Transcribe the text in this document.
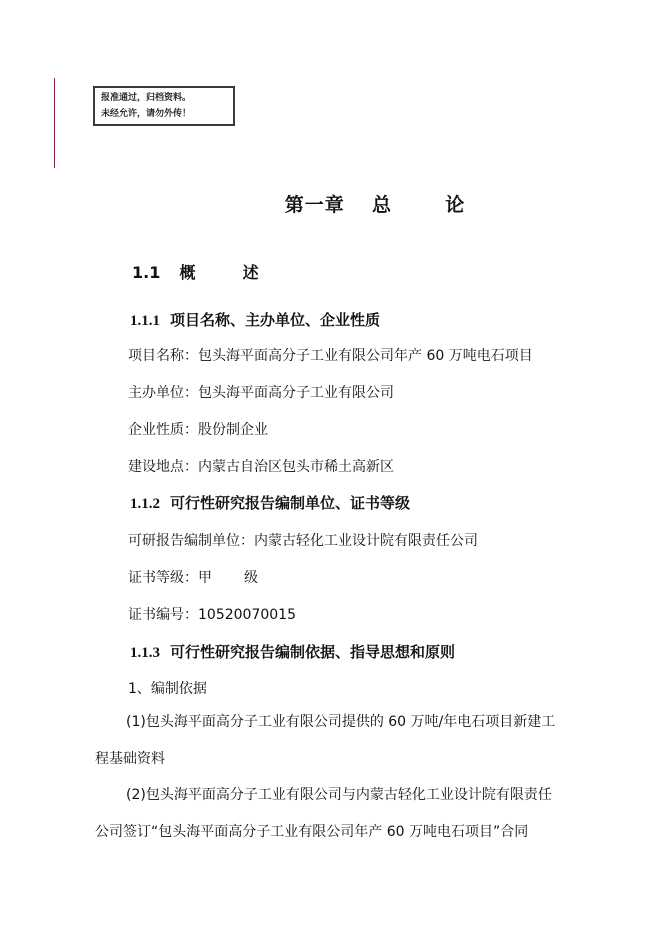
报准通过，归档资料。
未经允许，请勿外传！
第一章 总	论
1.1 概	述
1.1.1 项目名称、主办单位、企业性质
项目名称：包头海平面高分子工业有限公司年产 60 万吨电石项目
主办单位：包头海平面高分子工业有限公司
企业性质：股份制企业
建设地点：内蒙古自治区包头市稀土高新区
1.1.2 可行性研究报告编制单位、证书等级
可研报告编制单位：内蒙古轻化工业设计院有限责任公司
证书等级：甲 级
证书编号：10520070015
1.1.3 可行性研究报告编制依据、指导思想和原则
1、编制依据
(1)包头海平面高分子工业有限公司提供的 60 万吨/年电石项目新建工
程基础资料
(2)包头海平面高分子工业有限公司与内蒙古轻化工业设计院有限责任
公司签订“包头海平面高分子工业有限公司年产 60 万吨电石项目”合同
